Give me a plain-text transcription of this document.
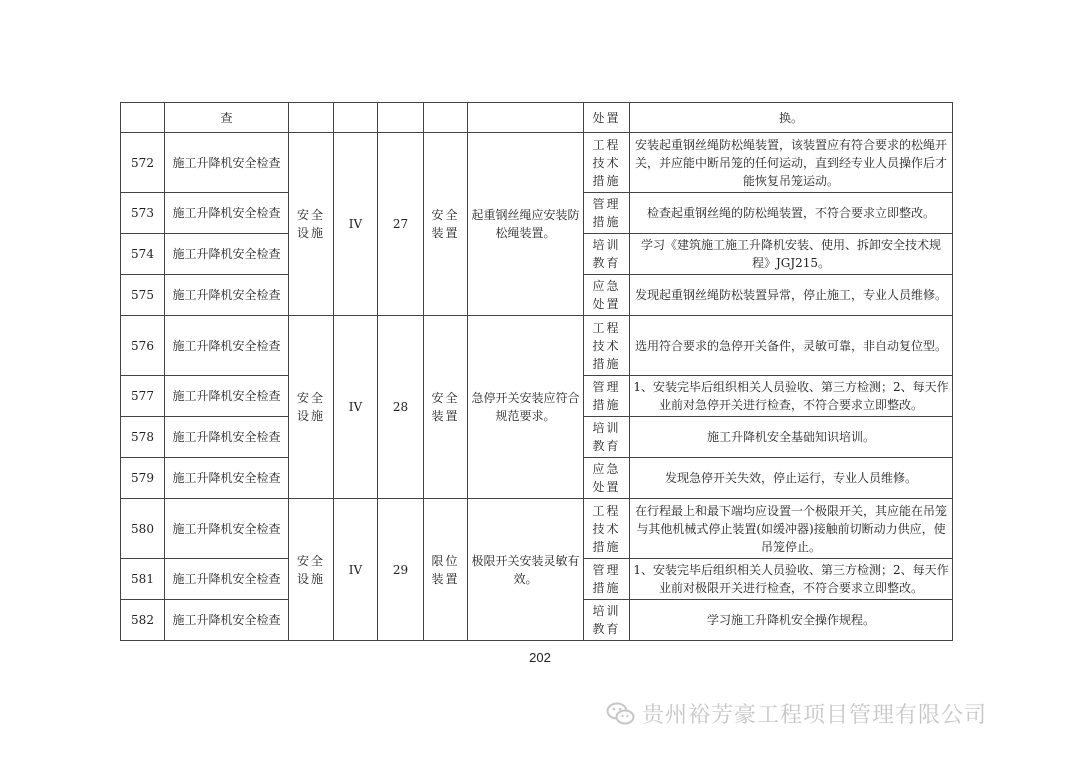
	查						处置	换。
572	施工升降机安全检查	安全设施	IV	27	安全装置	起重钢丝绳应安装防松绳装置。	工程技术措施	安装起重钢丝绳防松绳装置，该装置应有符合要求的松绳开关，并应能中断吊笼的任何运动，直到经专业人员操作后才能恢复吊笼运动。
573	施工升降机安全检查						管理措施	检查起重钢丝绳的防松绳装置，不符合要求立即整改。
574	施工升降机安全检查						培训教育	学习《建筑施工施工升降机安装、使用、拆卸安全技术规程》JGJ215。
575	施工升降机安全检查						应急处置	发现起重钢丝绳防松装置异常，停止施工，专业人员维修。
576	施工升降机安全检查	安全设施	IV	28	安全装置	急停开关安装应符合规范要求。	工程技术措施	选用符合要求的急停开关备件，灵敏可靠，非自动复位型。
577	施工升降机安全检查						管理措施	1、安装完毕后组织相关人员验收、第三方检测；2、每天作业前对急停开关进行检查，不符合要求立即整改。
578	施工升降机安全检查						培训教育	施工升降机安全基础知识培训。
579	施工升降机安全检查						应急处置	发现急停开关失效，停止运行，专业人员维修。
580	施工升降机安全检查	安全设施	IV	29	限位装置	极限开关安装灵敏有效。	工程技术措施	在行程最上和最下端均应设置一个极限开关，其应能在吊笼与其他机械式停止装置(如缓冲器)接触前切断动力供应，使吊笼停止。
581	施工升降机安全检查						管理措施	1、安装完毕后组织相关人员验收、第三方检测；2、每天作业前对极限开关进行检查，不符合要求立即整改。
582	施工升降机安全检查						培训教育	学习施工升降机安全操作规程。
202
贵州裕芳豪工程项目管理有限公司
